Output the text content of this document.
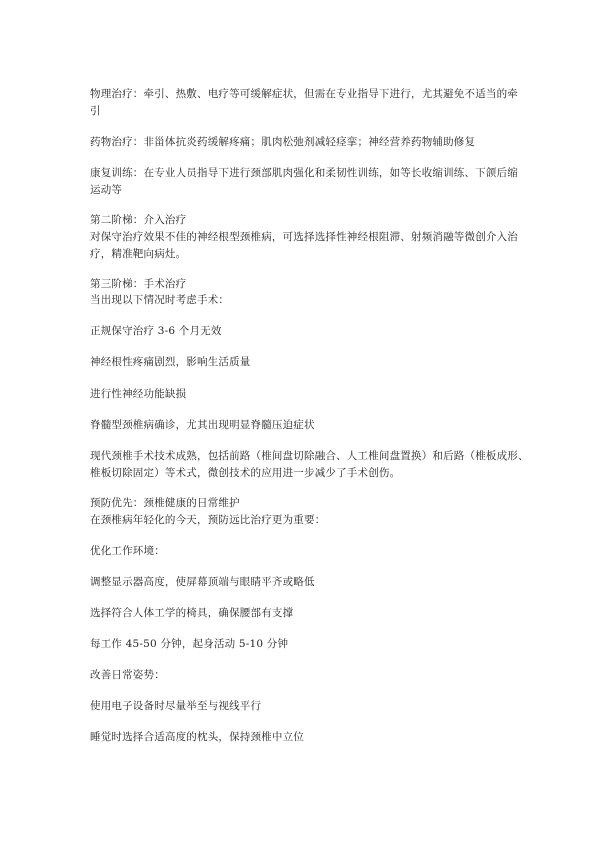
物理治疗：牵引、热敷、电疗等可缓解症状，但需在专业指导下进行，尤其避免不适当的牵
引
药物治疗：非甾体抗炎药缓解疼痛；肌肉松弛剂减轻痉挛；神经营养药物辅助修复
康复训练：在专业人员指导下进行颈部肌肉强化和柔韧性训练，如等长收缩训练、下颌后缩
运动等
第二阶梯：介入治疗
对保守治疗效果不佳的神经根型颈椎病，可选择选择性神经根阻滞、射频消融等微创介入治
疗，精准靶向病灶。
第三阶梯：手术治疗
当出现以下情况时考虑手术：
正规保守治疗 3-6 个月无效
神经根性疼痛剧烈，影响生活质量
进行性神经功能缺损
脊髓型颈椎病确诊，尤其出现明显脊髓压迫症状
现代颈椎手术技术成熟，包括前路（椎间盘切除融合、人工椎间盘置换）和后路（椎板成形、
椎板切除固定）等术式，微创技术的应用进一步减少了手术创伤。
预防优先：颈椎健康的日常维护
在颈椎病年轻化的今天，预防远比治疗更为重要：
优化工作环境：
调整显示器高度，使屏幕顶端与眼睛平齐或略低
选择符合人体工学的椅具，确保腰部有支撑
每工作 45-50 分钟，起身活动 5-10 分钟
改善日常姿势：
使用电子设备时尽量举至与视线平行
睡觉时选择合适高度的枕头，保持颈椎中立位
